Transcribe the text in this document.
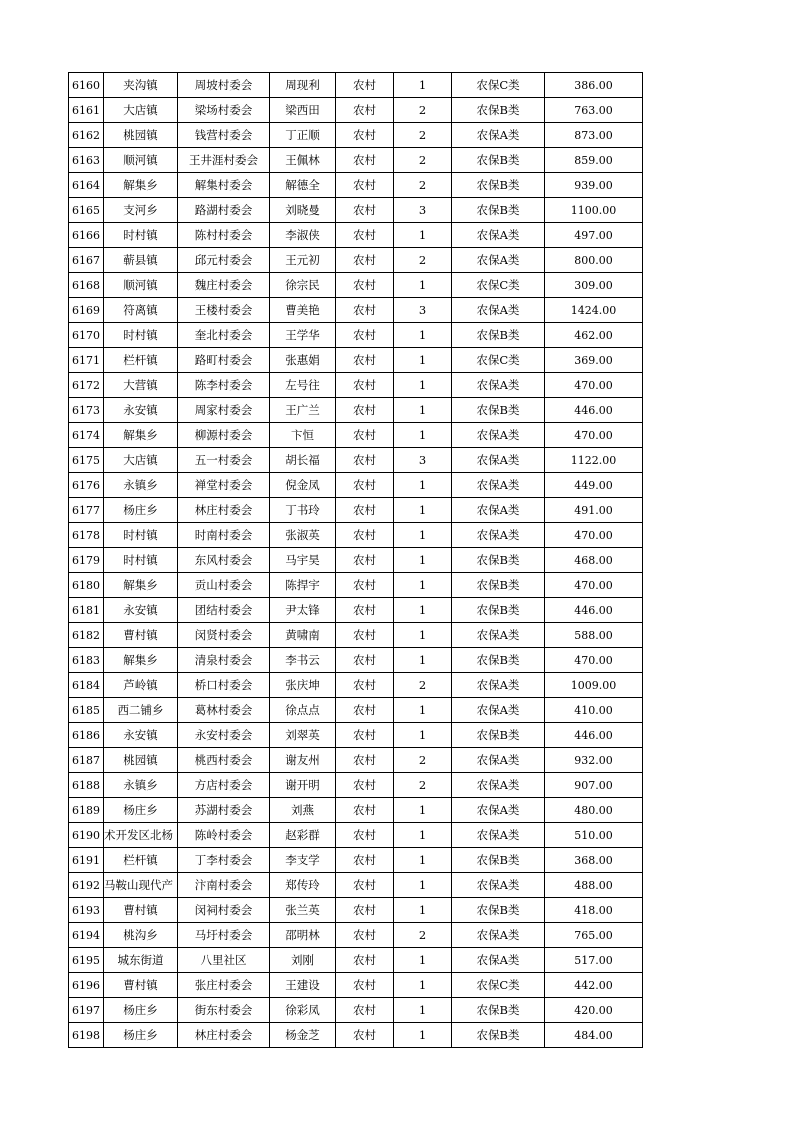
6160	夹沟镇	周坡村委会	周现利	农村	1	农保C类	386.00
6161	大店镇	梁场村委会	梁西田	农村	2	农保B类	763.00
6162	桃园镇	钱营村委会	丁正顺	农村	2	农保A类	873.00
6163	顺河镇	王井涯村委会	王佩林	农村	2	农保B类	859.00
6164	解集乡	解集村委会	解德全	农村	2	农保B类	939.00
6165	支河乡	路湖村委会	刘晓曼	农村	3	农保B类	1100.00
6166	时村镇	陈村村委会	李淑侠	农村	1	农保A类	497.00
6167	蕲县镇	邱元村委会	王元初	农村	2	农保A类	800.00
6168	顺河镇	魏庄村委会	徐宗民	农村	1	农保C类	309.00
6169	符离镇	王楼村委会	曹美艳	农村	3	农保A类	1424.00
6170	时村镇	奎北村委会	王学华	农村	1	农保B类	462.00
6171	栏杆镇	路町村委会	张惠娟	农村	1	农保C类	369.00
6172	大营镇	陈李村委会	左号往	农村	1	农保A类	470.00
6173	永安镇	周家村委会	王广兰	农村	1	农保B类	446.00
6174	解集乡	柳源村委会	卞恒	农村	1	农保A类	470.00
6175	大店镇	五一村委会	胡长福	农村	3	农保A类	1122.00
6176	永镇乡	禅堂村委会	倪金凤	农村	1	农保A类	449.00
6177	杨庄乡	林庄村委会	丁书玲	农村	1	农保A类	491.00
6178	时村镇	时南村委会	张淑英	农村	1	农保A类	470.00
6179	时村镇	东风村委会	马宇昊	农村	1	农保B类	468.00
6180	解集乡	贡山村委会	陈捍宇	农村	1	农保B类	470.00
6181	永安镇	团结村委会	尹太锋	农村	1	农保B类	446.00
6182	曹村镇	闵贤村委会	黄啸南	农村	1	农保A类	588.00
6183	解集乡	清泉村委会	李书云	农村	1	农保B类	470.00
6184	芦岭镇	桥口村委会	张庆坤	农村	2	农保A类	1009.00
6185	西二铺乡	葛林村委会	徐点点	农村	1	农保A类	410.00
6186	永安镇	永安村委会	刘翠英	农村	1	农保B类	446.00
6187	桃园镇	桃西村委会	谢友州	农村	2	农保A类	932.00
6188	永镇乡	方店村委会	谢开明	农村	2	农保A类	907.00
6189	杨庄乡	苏湖村委会	刘燕	农村	1	农保A类	480.00
6190	术开发区北杨	陈岭村委会	赵彩群	农村	1	农保A类	510.00
6191	栏杆镇	丁李村委会	李支学	农村	1	农保B类	368.00
6192	马鞍山现代产	汴南村委会	郑传玲	农村	1	农保A类	488.00
6193	曹村镇	闵祠村委会	张兰英	农村	1	农保B类	418.00
6194	桃沟乡	马圩村委会	邵明林	农村	2	农保A类	765.00
6195	城东街道	八里社区	刘刚	农村	1	农保A类	517.00
6196	曹村镇	张庄村委会	王建设	农村	1	农保C类	442.00
6197	杨庄乡	街东村委会	徐彩凤	农村	1	农保B类	420.00
6198	杨庄乡	林庄村委会	杨金芝	农村	1	农保B类	484.00
